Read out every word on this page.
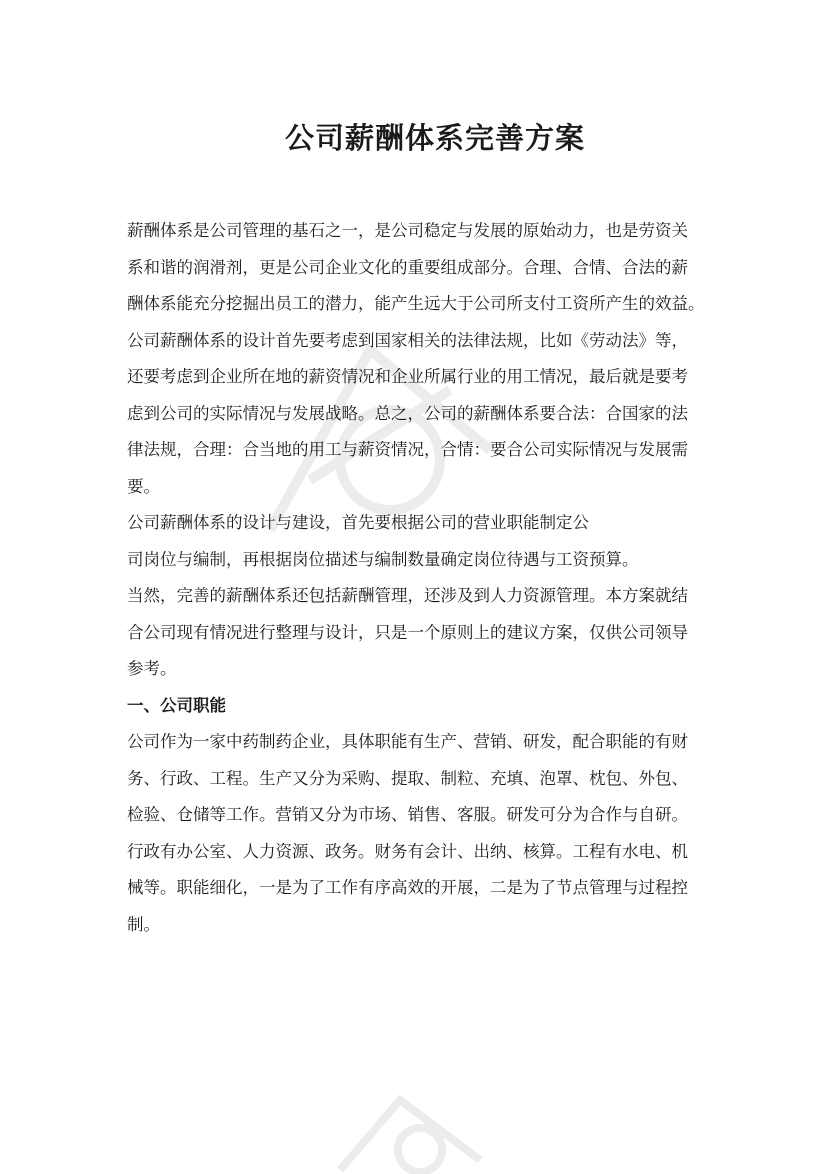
公司薪酬体系完善方案
薪酬体系是公司管理的基石之一，是公司稳定与发展的原始动力，也是劳资关
系和谐的润滑剂，更是公司企业文化的重要组成部分。合理、合情、合法的薪
酬体系能充分挖掘出员工的潜力，能产生远大于公司所支付工资所产生的效益。
公司薪酬体系的设计首先要考虑到国家相关的法律法规，比如《劳动法》等，
还要考虑到企业所在地的薪资情况和企业所属行业的用工情况，最后就是要考
虑到公司的实际情况与发展战略。总之，公司的薪酬体系要合法：合国家的法
律法规，合理：合当地的用工与薪资情况，合情：要合公司实际情况与发展需
要。
公司薪酬体系的设计与建设，首先要根据公司的营业职能制定公
司岗位与编制，再根据岗位描述与编制数量确定岗位待遇与工资预算。
当然，完善的薪酬体系还包括薪酬管理，还涉及到人力资源管理。本方案就结
合公司现有情况进行整理与设计，只是一个原则上的建议方案，仅供公司领导
参考。
一、公司职能
公司作为一家中药制药企业，具体职能有生产、营销、研发，配合职能的有财
务、行政、工程。生产又分为采购、提取、制粒、充填、泡罩、枕包、外包、
检验、仓储等工作。营销又分为市场、销售、客服。研发可分为合作与自研。
行政有办公室、人力资源、政务。财务有会计、出纳、核算。工程有水电、机
械等。职能细化，一是为了工作有序高效的开展，二是为了节点管理与过程控
制。
